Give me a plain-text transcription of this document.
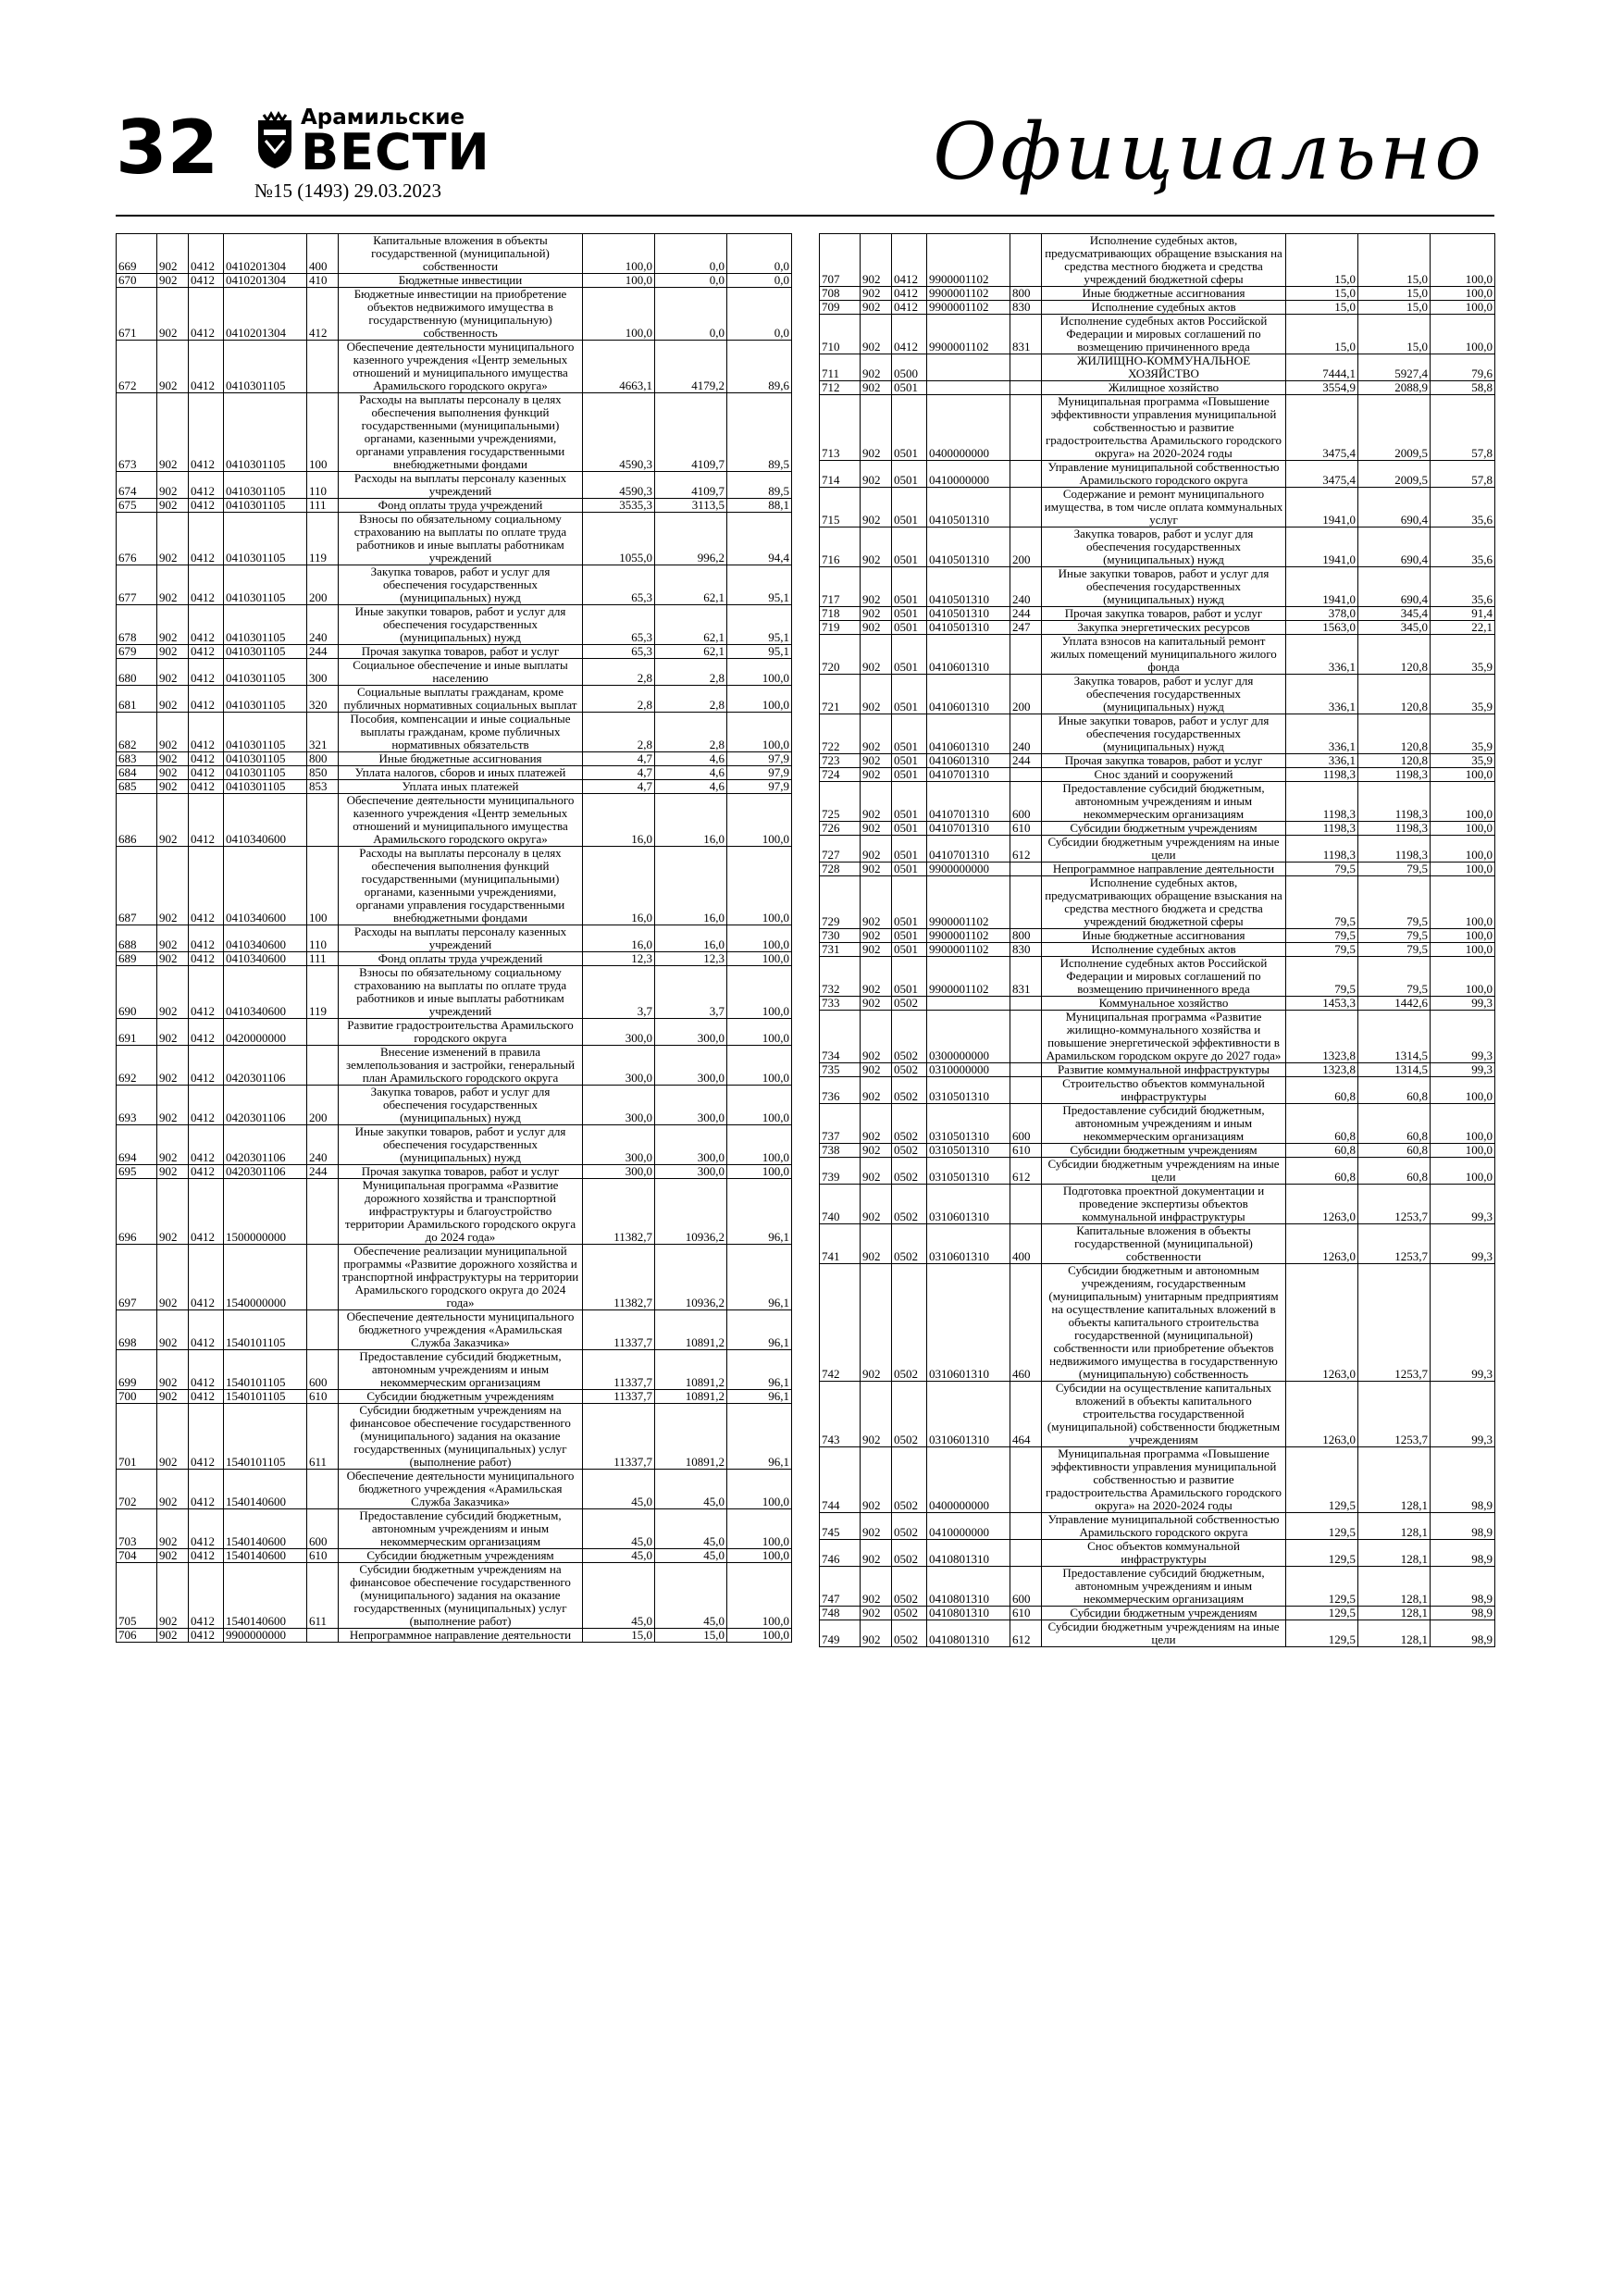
32	Арамильские
ВЕСТИ
№15 (1493) 29.03.2023	Официально
669	902	0412	0410201304	400	Капитальные вложения в объекты государственной (муниципальной) собственности	100,0	0,0	0,0
670	902	0412	0410201304	410	Бюджетные инвестиции	100,0	0,0	0,0
671	902	0412	0410201304	412	Бюджетные инвестиции на приобретение объектов недвижимого имущества в государственную (муниципальную) собственность	100,0	0,0	0,0
672	902	0412	0410301105		Обеспечение деятельности муниципального казенного учреждения «Центр земельных отношений и муниципального имущества Арамильского городского округа»	4663,1	4179,2	89,6
673	902	0412	0410301105	100	Расходы на выплаты персоналу в целях обеспечения выполнения функций государственными (муниципальными) органами, казенными учреждениями, органами управления государственными внебюджетными фондами	4590,3	4109,7	89,5
674	902	0412	0410301105	110	Расходы на выплаты персоналу казенных учреждений	4590,3	4109,7	89,5
675	902	0412	0410301105	111	Фонд оплаты труда учреждений	3535,3	3113,5	88,1
676	902	0412	0410301105	119	Взносы по обязательному социальному страхованию на выплаты по оплате труда работников и иные выплаты работникам учреждений	1055,0	996,2	94,4
677	902	0412	0410301105	200	Закупка товаров, работ и услуг для обеспечения государственных (муниципальных) нужд	65,3	62,1	95,1
678	902	0412	0410301105	240	Иные закупки товаров, работ и услуг для обеспечения государственных (муниципальных) нужд	65,3	62,1	95,1
679	902	0412	0410301105	244	Прочая закупка товаров, работ и услуг	65,3	62,1	95,1
680	902	0412	0410301105	300	Социальное обеспечение и иные выплаты населению	2,8	2,8	100,0
681	902	0412	0410301105	320	Социальные выплаты гражданам, кроме публичных нормативных социальных выплат	2,8	2,8	100,0
682	902	0412	0410301105	321	Пособия, компенсации и иные социальные выплаты гражданам, кроме публичных нормативных обязательств	2,8	2,8	100,0
683	902	0412	0410301105	800	Иные бюджетные ассигнования	4,7	4,6	97,9
684	902	0412	0410301105	850	Уплата налогов, сборов и иных платежей	4,7	4,6	97,9
685	902	0412	0410301105	853	Уплата иных платежей	4,7	4,6	97,9
686	902	0412	0410340600		Обеспечение деятельности муниципального казенного учреждения «Центр земельных отношений и муниципального имущества Арамильского городского округа»	16,0	16,0	100,0
687	902	0412	0410340600	100	Расходы на выплаты персоналу в целях обеспечения выполнения функций государственными (муниципальными) органами, казенными учреждениями, органами управления государственными внебюджетными фондами	16,0	16,0	100,0
688	902	0412	0410340600	110	Расходы на выплаты персоналу казенных учреждений	16,0	16,0	100,0
689	902	0412	0410340600	111	Фонд оплаты труда учреждений	12,3	12,3	100,0
690	902	0412	0410340600	119	Взносы по обязательному социальному страхованию на выплаты по оплате труда работников и иные выплаты работникам учреждений	3,7	3,7	100,0
691	902	0412	0420000000		Развитие градостроительства Арамильского городского округа	300,0	300,0	100,0
692	902	0412	0420301106		Внесение изменений в правила землепользования и застройки, генеральный план Арамильского городского округа	300,0	300,0	100,0
693	902	0412	0420301106	200	Закупка товаров, работ и услуг для обеспечения государственных (муниципальных) нужд	300,0	300,0	100,0
694	902	0412	0420301106	240	Иные закупки товаров, работ и услуг для обеспечения государственных (муниципальных) нужд	300,0	300,0	100,0
695	902	0412	0420301106	244	Прочая закупка товаров, работ и услуг	300,0	300,0	100,0
696	902	0412	1500000000		Муниципальная программа «Развитие дорожного хозяйства и транспортной инфраструктуры и благоустройство территории Арамильского городского округа до 2024 года»	11382,7	10936,2	96,1
697	902	0412	1540000000		Обеспечение реализации муниципальной программы «Развитие дорожного хозяйства и транспортной инфраструктуры на территории Арамильского городского округа до 2024 года»	11382,7	10936,2	96,1
698	902	0412	1540101105		Обеспечение деятельности муниципального бюджетного учреждения «Арамильская Служба Заказчика»	11337,7	10891,2	96,1
699	902	0412	1540101105	600	Предоставление субсидий бюджетным, автономным учреждениям и иным некоммерческим организациям	11337,7	10891,2	96,1
700	902	0412	1540101105	610	Субсидии бюджетным учреждениям	11337,7	10891,2	96,1
701	902	0412	1540101105	611	Субсидии бюджетным учреждениям на финансовое обеспечение государственного (муниципального) задания на оказание государственных (муниципальных) услуг (выполнение работ)	11337,7	10891,2	96,1
702	902	0412	1540140600		Обеспечение деятельности муниципального бюджетного учреждения «Арамильская Служба Заказчика»	45,0	45,0	100,0
703	902	0412	1540140600	600	Предоставление субсидий бюджетным, автономным учреждениям и иным некоммерческим организациям	45,0	45,0	100,0
704	902	0412	1540140600	610	Субсидии бюджетным учреждениям	45,0	45,0	100,0
705	902	0412	1540140600	611	Субсидии бюджетным учреждениям на финансовое обеспечение государственного (муниципального) задания на оказание государственных (муниципальных) услуг (выполнение работ)	45,0	45,0	100,0
706	902	0412	9900000000		Непрограммное направление деятельности	15,0	15,0	100,0
707	902	0412	9900001102		Исполнение судебных актов, предусматривающих обращение взыскания на средства местного бюджета и средства учреждений бюджетной сферы	15,0	15,0	100,0
708	902	0412	9900001102	800	Иные бюджетные ассигнования	15,0	15,0	100,0
709	902	0412	9900001102	830	Исполнение судебных актов	15,0	15,0	100,0
710	902	0412	9900001102	831	Исполнение судебных актов Российской Федерации и мировых соглашений по возмещению причиненного вреда	15,0	15,0	100,0
711	902	0500			ЖИЛИЩНО-КОММУНАЛЬНОЕ ХОЗЯЙСТВО	7444,1	5927,4	79,6
712	902	0501			Жилищное хозяйство	3554,9	2088,9	58,8
713	902	0501	0400000000		Муниципальная программа «Повышение эффективности управления муниципальной собственностью и развитие градостроительства Арамильского городского округа» на 2020-2024 годы	3475,4	2009,5	57,8
714	902	0501	0410000000		Управление муниципальной собственностью Арамильского городского округа	3475,4	2009,5	57,8
715	902	0501	0410501310		Содержание и ремонт муниципального имущества, в том числе оплата коммунальных услуг	1941,0	690,4	35,6
716	902	0501	0410501310	200	Закупка товаров, работ и услуг для обеспечения государственных (муниципальных) нужд	1941,0	690,4	35,6
717	902	0501	0410501310	240	Иные закупки товаров, работ и услуг для обеспечения государственных (муниципальных) нужд	1941,0	690,4	35,6
718	902	0501	0410501310	244	Прочая закупка товаров, работ и услуг	378,0	345,4	91,4
719	902	0501	0410501310	247	Закупка энергетических ресурсов	1563,0	345,0	22,1
720	902	0501	0410601310		Уплата взносов на капитальный ремонт жилых помещений муниципального жилого фонда	336,1	120,8	35,9
721	902	0501	0410601310	200	Закупка товаров, работ и услуг для обеспечения государственных (муниципальных) нужд	336,1	120,8	35,9
722	902	0501	0410601310	240	Иные закупки товаров, работ и услуг для обеспечения государственных (муниципальных) нужд	336,1	120,8	35,9
723	902	0501	0410601310	244	Прочая закупка товаров, работ и услуг	336,1	120,8	35,9
724	902	0501	0410701310		Снос зданий и сооружений	1198,3	1198,3	100,0
725	902	0501	0410701310	600	Предоставление субсидий бюджетным, автономным учреждениям и иным некоммерческим организациям	1198,3	1198,3	100,0
726	902	0501	0410701310	610	Субсидии бюджетным учреждениям	1198,3	1198,3	100,0
727	902	0501	0410701310	612	Субсидии бюджетным учреждениям на иные цели	1198,3	1198,3	100,0
728	902	0501	9900000000		Непрограммное направление деятельности	79,5	79,5	100,0
729	902	0501	9900001102		Исполнение судебных актов, предусматривающих обращение взыскания на средства местного бюджета и средства учреждений бюджетной сферы	79,5	79,5	100,0
730	902	0501	9900001102	800	Иные бюджетные ассигнования	79,5	79,5	100,0
731	902	0501	9900001102	830	Исполнение судебных актов	79,5	79,5	100,0
732	902	0501	9900001102	831	Исполнение судебных актов Российской Федерации и мировых соглашений по возмещению причиненного вреда	79,5	79,5	100,0
733	902	0502			Коммунальное хозяйство	1453,3	1442,6	99,3
734	902	0502	0300000000		Муниципальная программа «Развитие жилищно-коммунального хозяйства и повышение энергетической эффективности в Арамильском городском округе до 2027 года»	1323,8	1314,5	99,3
735	902	0502	0310000000		Развитие коммунальной инфраструктуры	1323,8	1314,5	99,3
736	902	0502	0310501310		Строительство объектов коммунальной инфраструктуры	60,8	60,8	100,0
737	902	0502	0310501310	600	Предоставление субсидий бюджетным, автономным учреждениям и иным некоммерческим организациям	60,8	60,8	100,0
738	902	0502	0310501310	610	Субсидии бюджетным учреждениям	60,8	60,8	100,0
739	902	0502	0310501310	612	Субсидии бюджетным учреждениям на иные цели	60,8	60,8	100,0
740	902	0502	0310601310		Подготовка проектной документации и проведение экспертизы объектов коммунальной инфраструктуры	1263,0	1253,7	99,3
741	902	0502	0310601310	400	Капитальные вложения в объекты государственной (муниципальной) собственности	1263,0	1253,7	99,3
742	902	0502	0310601310	460	Субсидии бюджетным и автономным учреждениям, государственным (муниципальным) унитарным предприятиям на осуществление капитальных вложений в объекты капитального строительства государственной (муниципальной) собственности или приобретение объектов недвижимого имущества в государственную (муниципальную) собственность	1263,0	1253,7	99,3
743	902	0502	0310601310	464	Субсидии на осуществление капитальных вложений в объекты капитального строительства государственной (муниципальной) собственности бюджетным учреждениям	1263,0	1253,7	99,3
744	902	0502	0400000000		Муниципальная программа «Повышение эффективности управления муниципальной собственностью и развитие градостроительства Арамильского городского округа» на 2020-2024 годы	129,5	128,1	98,9
745	902	0502	0410000000		Управление муниципальной собственностью Арамильского городского округа	129,5	128,1	98,9
746	902	0502	0410801310		Снос объектов коммунальной инфраструктуры	129,5	128,1	98,9
747	902	0502	0410801310	600	Предоставление субсидий бюджетным, автономным учреждениям и иным некоммерческим организациям	129,5	128,1	98,9
748	902	0502	0410801310	610	Субсидии бюджетным учреждениям	129,5	128,1	98,9
749	902	0502	0410801310	612	Субсидии бюджетным учреждениям на иные цели	129,5	128,1	98,9
